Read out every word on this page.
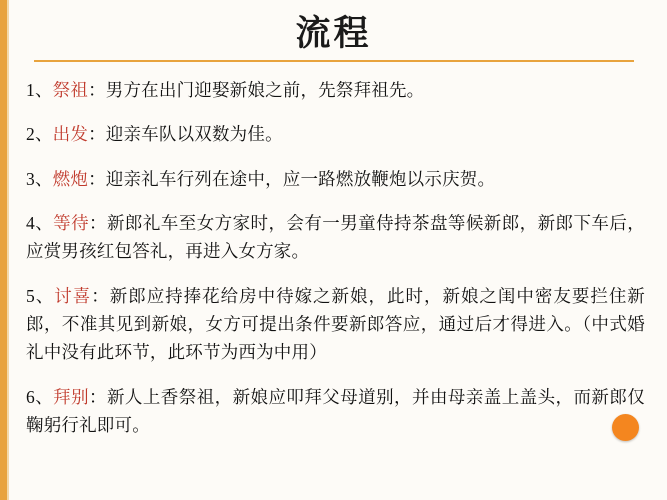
流程
1、祭祖：男方在出门迎娶新娘之前，先祭拜祖先。
2、出发：迎亲车队以双数为佳。
3、燃炮：迎亲礼车行列在途中，应一路燃放鞭炮以示庆贺。
4、等待：新郎礼车至女方家时，会有一男童侍持茶盘等候新郎，新郎下车后，应赏男孩红包答礼，再进入女方家。
5、讨喜：新郎应持捧花给房中待嫁之新娘，此时，新娘之闺中密友要拦住新郎，不准其见到新娘，女方可提出条件要新郎答应，通过后才得进入。（中式婚礼中没有此环节，此环节为西为中用）
6、拜别：新人上香祭祖，新娘应叩拜父母道别，并由母亲盖上盖头，而新郎仅鞠躬行礼即可。
